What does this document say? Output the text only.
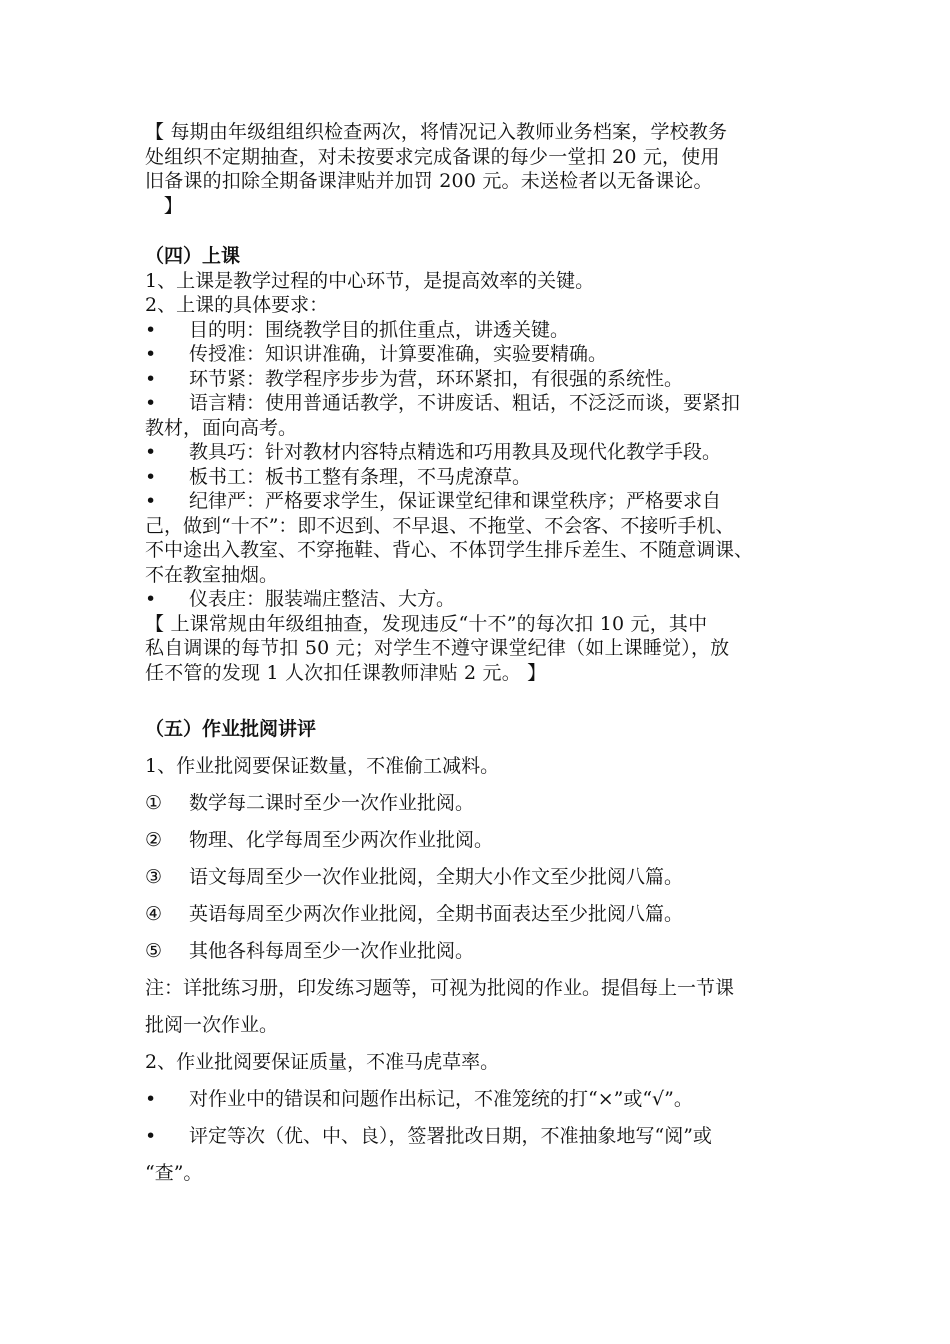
【 每期由年级组组织检查两次，将情况记入教师业务档案，学校教务

处组织不定期抽查，对未按要求完成备课的每少一堂扣 20 元，使用

旧备课的扣除全期备课津贴并加罚 200 元。未送检者以无备课论。

】

（四）上课

1、上课是教学过程的中心环节，是提高效率的关键。

2、上课的具体要求：

•	目的明：围绕教学目的抓住重点，讲透关键。
•	传授准：知识讲准确，计算要准确，实验要精确。
•	环节紧：教学程序步步为营，环环紧扣，有很强的系统性。
•	语言精：使用普通话教学，不讲废话、粗话，不泛泛而谈，要紧扣

教材，面向高考。

•	教具巧：针对教材内容特点精选和巧用教具及现代化教学手段。
•	板书工：板书工整有条理，不马虎潦草。
•	纪律严：严格要求学生，保证课堂纪律和课堂秩序；严格要求自

己，做到“十不”：即不迟到、不早退、不拖堂、不会客、不接听手机、

不中途出入教室、不穿拖鞋、背心、不体罚学生排斥差生、不随意调课、

不在教室抽烟。

•	仪表庄：服装端庄整洁、大方。

【 上课常规由年级组抽查，发现违反“十不”的每次扣 10 元，其中

私自调课的每节扣 50 元；对学生不遵守课堂纪律（如上课睡觉），放

任不管的发现 1 人次扣任课教师津贴 2 元。 】

（五）作业批阅讲评

1、作业批阅要保证数量，不准偷工减料。

① 数学每二课时至少一次作业批阅。

② 物理、化学每周至少两次作业批阅。

③ 语文每周至少一次作业批阅，全期大小作文至少批阅八篇。

④ 英语每周至少两次作业批阅，全期书面表达至少批阅八篇。

⑤ 其他各科每周至少一次作业批阅。

注：详批练习册，印发练习题等，可视为批阅的作业。提倡每上一节课

批阅一次作业。

2、作业批阅要保证质量，不准马虎草率。

•	对作业中的错误和问题作出标记，不准笼统的打“×”或“√”。
•	评定等次（优、中、良），签署批改日期，不准抽象地写“阅”或

“查”。
